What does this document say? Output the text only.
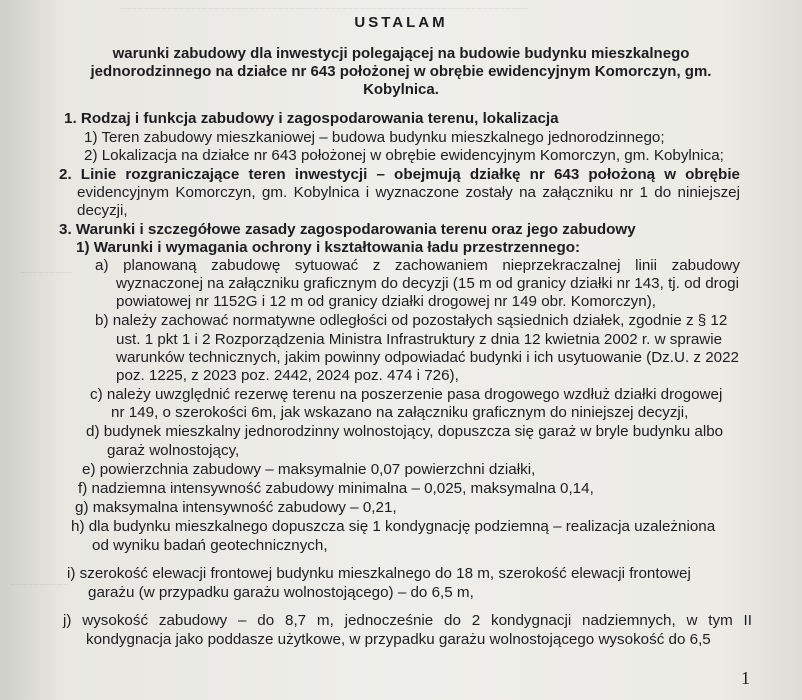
~~~~~~~~~~~~~~~~~~~~~~~~~~~~~~~~~~~~~~~~~~~~~~~~~~~~~~~~~~~~~~~~~~~~~~
~~~~~~~~~
~~~~~~~~~~
USTALAM
warunki zabudowy dla inwestycji polegającej na budowie budynku mieszkalnego
jednorodzinnego na działce nr 643 położonej w obrębie ewidencyjnym Komorczyn, gm.
Kobylnica.
1. Rodzaj i funkcja zabudowy i zagospodarowania terenu, lokalizacja
1) Teren zabudowy mieszkaniowej – budowa budynku mieszkalnego jednorodzinnego;
2) Lokalizacja na działce nr 643 położonej w obrębie ewidencyjnym Komorczyn, gm. Kobylnica;
2. Linie rozgraniczające teren inwestycji – obejmują działkę nr 643 położoną w obrębie
evidencyjnym Komorczyn, gm. Kobylnica i wyznaczone zostały na załączniku nr 1 do niniejszej
decyzji,
3. Warunki i szczegółowe zasady zagospodarowania terenu oraz jego zabudowy
1) Warunki i wymagania ochrony i kształtowania ładu przestrzennego:
a) planowaną zabudowę sytuować z zachowaniem nieprzekraczalnej linii zabudowy
wyznaczonej na załączniku graficznym do decyzji (15 m od granicy działki nr 143, tj. od drogi
powiatowej nr 1152G i 12 m od granicy działki drogowej nr 149 obr. Komorczyn),
b) należy zachować normatywne odległości od pozostałych sąsiednich działek, zgodnie z § 12
ust. 1 pkt 1 i 2 Rozporządzenia Ministra Infrastruktury z dnia 12 kwietnia 2002 r. w sprawie
warunków technicznych, jakim powinny odpowiadać budynki i ich usytuowanie (Dz.U. z 2022
poz. 1225, z 2023 poz. 2442, 2024 poz. 474 i 726),
c) należy uwzględnić rezerwę terenu na poszerzenie pasa drogowego wzdłuż działki drogowej
nr 149, o szerokości 6m, jak wskazano na załączniku graficznym do niniejszej decyzji,
d) budynek mieszkalny jednorodzinny wolnostojący, dopuszcza się garaż w bryle budynku albo
garaż wolnostojący,
e) powierzchnia zabudowy – maksymalnie 0,07 powierzchni działki,
f) nadziemna intensywność zabudowy minimalna – 0,025, maksymalna 0,14,
g) maksymalna intensywność zabudowy – 0,21,
h) dla budynku mieszkalnego dopuszcza się 1 kondygnację podziemną – realizacja uzależniona
od wyniku badań geotechnicznych,
i) szerokość elewacji frontowej budynku mieszkalnego do 18 m, szerokość elewacji frontowej
garażu (w przypadku garażu wolnostojącego) – do 6,5 m,
j) wysokość zabudowy – do 8,7 m, jednocześnie do 2 kondygnacji nadziemnych, w tym II
kondygnacja jako poddasze użytkowe, w przypadku garażu wolnostojącego wysokość do 6,5
1
